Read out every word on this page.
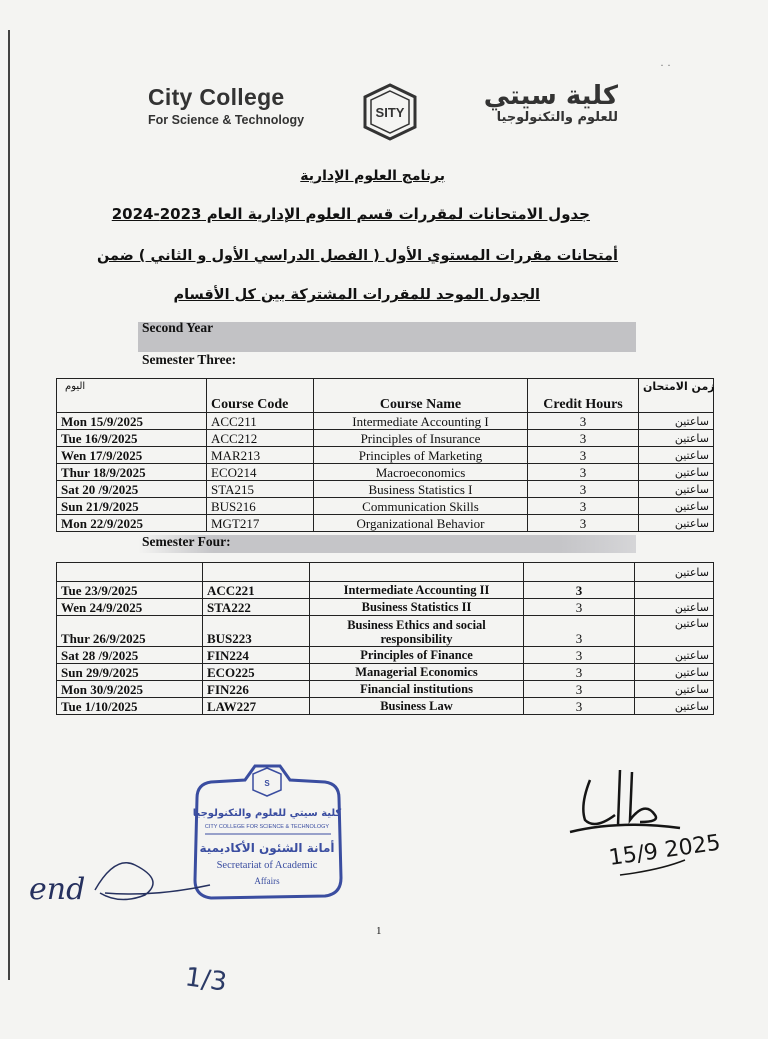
· ·
City College
For Science & Technology	SITY
كلية سيتي
للعلوم والتكنولوجيا
برنامج العلوم الإدارية
جدول الامتحانات لمقررات قسم العلوم الإدارية العام 2023-2024
أمتحانات مقررات المستوي الأول ( الفصل الدراسي الأول و الثاني ) ضمن
الجدول الموحد للمقررات المشتركة بين كل الأقسام
Second Year
Semester Three:
اليوم	Course Code	Course Name	Credit Hours	زمن الامتحان
Mon 15/9/2025	ACC211	Intermediate Accounting I	3	ساعتين
Tue 16/9/2025	ACC212	Principles of Insurance	3	ساعتين
Wen 17/9/2025	MAR213	Principles of Marketing	3	ساعتين
Thur 18/9/2025	ECO214	Macroeconomics	3	ساعتين
Sat 20 /9/2025	STA215	Business Statistics I	3	ساعتين
Sun 21/9/2025	BUS216	Communication Skills	3	ساعتين
Mon 22/9/2025	MGT217	Organizational Behavior	3	ساعتين
Semester Four:
				ساعتين
Tue 23/9/2025	ACC221	Intermediate Accounting II	3	
Wen 24/9/2025	STA222	Business Statistics II	3	ساعتين
Thur 26/9/2025	BUS223	Business Ethics and social responsibility	3	ساعتين
Sat 28 /9/2025	FIN224	Principles of Finance	3	ساعتين
Sun 29/9/2025	ECO225	Managerial Economics	3	ساعتين
Mon 30/9/2025	FIN226	Financial institutions	3	ساعتين
Tue 1/10/2025	LAW227	Business Law	3	ساعتين
S
كلية سيتي للعلوم والتكنولوجيا
CITY COLLEGE FOR SCIENCE & TECHNOLOGY
أمانة الشئون الأكاديمية
Secretariat of Academic
Affairs
15/9 2025
end
1
1/3
